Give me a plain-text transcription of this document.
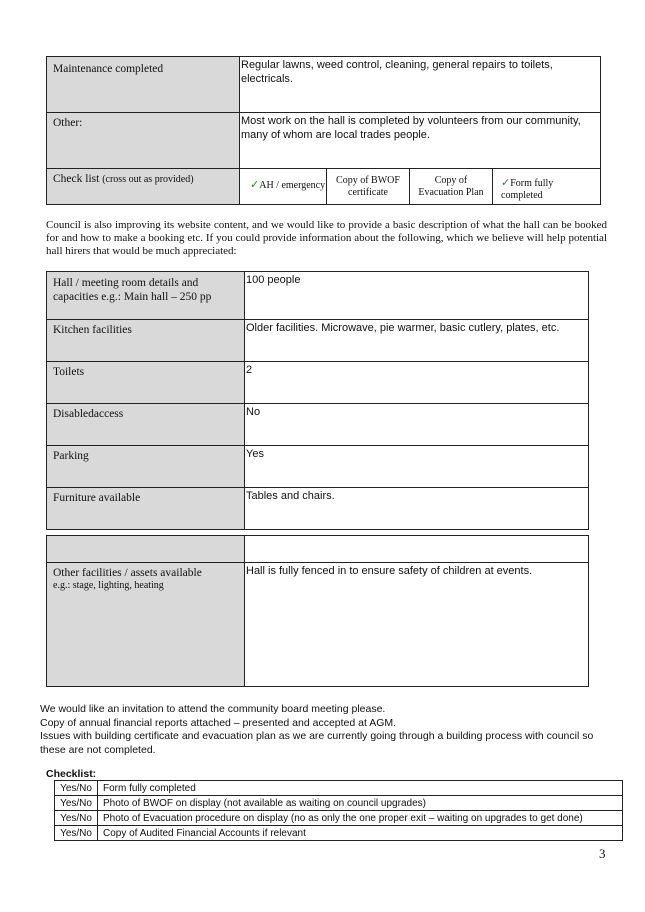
Maintenance completed	Regular lawns, weed control, cleaning, general repairs to toilets, electricals.			

Other:	Most work on the hall is completed by volunteers from our community, many of whom are local trades people.			

Check list (cross out as provided)	✓AH / emergency	Copy of BWOF certificate	Copy of Evacuation Plan	✓Form fully completed

Council is also improving its website content, and we would like to provide a basic description of what the hall can be booked for and how to make a booking etc. If you could provide information about the following, which we believe will help potential hall hirers that would be much appreciated:

Hall / meeting room details and capacities e.g.: Main hall – 250 pp	100 people

Kitchen facilities	Older facilities. Microwave, pie warmer, basic cutlery, plates, etc.

Toilets	2

Disabledaccess	No

Parking	Yes

Furniture available	Tables and chairs.

Other facilities / assets available
e.g.: stage, lighting, heating	Hall is fully fenced in to ensure safety of children at events.

We would like an invitation to attend the community board meeting please.

Copy of annual financial reports attached – presented and accepted at AGM.

Issues with building certificate and evacuation plan as we are currently going through a building process with council so these are not completed.

Checklist:
Yes/No	Form fully completed
Yes/No	Photo of BWOF on display (not available as waiting on council upgrades)
Yes/No	Photo of Evacuation procedure on display (no as only the one proper exit – waiting on upgrades to get done)
Yes/No	Copy of Audited Financial Accounts if relevant
3
